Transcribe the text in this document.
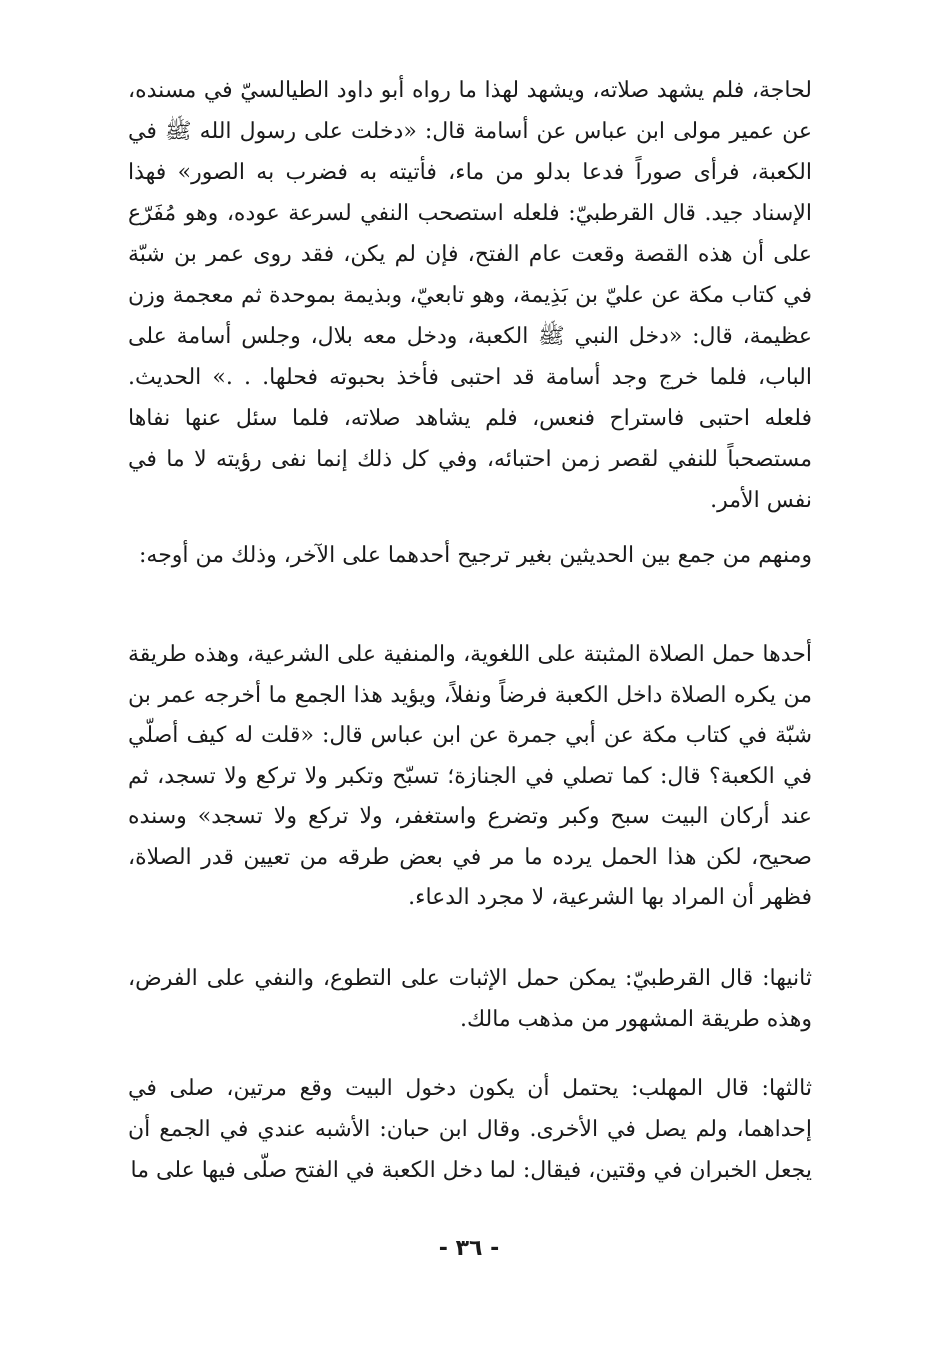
لحاجة، فلم يشهد صلاته، ويشهد لهذا ما رواه أبو داود الطيالسيّ في مسنده، عن عمير مولى ابن عباس عن أسامة قال: «دخلت على رسول الله ﷺ في الكعبة، فرأى صوراً فدعا بدلو من ماء، فأتيته به فضرب به الصور» فهذا الإسناد جيد. قال القرطبيّ: فلعله استصحب النفي لسرعة عوده، وهو مُفَرّع على أن هذه القصة وقعت عام الفتح، فإن لم يكن، فقد روى عمر بن شبّة في كتاب مكة عن عليّ بن بَذِيمة، وهو تابعيّ، وبذيمة بموحدة ثم معجمة وزن عظيمة، قال: «دخل النبي ﷺ الكعبة، ودخل معه بلال، وجلس أسامة على الباب، فلما خرج وجد أسامة قد احتبى فأخذ بحبوته فحلها. . .» الحديث. فلعله احتبى فاستراح فنعس، فلم يشاهد صلاته، فلما سئل عنها نفاها مستصحباً للنفي لقصر زمن احتبائه، وفي كل ذلك إنما نفى رؤيته لا ما في نفس الأمر.

ومنهم من جمع بين الحديثين بغير ترجيح أحدهما على الآخر، وذلك من أوجه:

أحدها حمل الصلاة المثبتة على اللغوية، والمنفية على الشرعية، وهذه طريقة من يكره الصلاة داخل الكعبة فرضاً ونفلاً، ويؤيد هذا الجمع ما أخرجه عمر بن شبّة في كتاب مكة عن أبي جمرة عن ابن عباس قال: «قلت له كيف أصلّي في الكعبة؟ قال: كما تصلي في الجنازة؛ تسبّح وتكبر ولا تركع ولا تسجد، ثم عند أركان البيت سبح وكبر وتضرع واستغفر، ولا تركع ولا تسجد» وسنده صحيح، لكن هذا الحمل يرده ما مر في بعض طرقه من تعيين قدر الصلاة، فظهر أن المراد بها الشرعية، لا مجرد الدعاء.

ثانيها: قال القرطبيّ: يمكن حمل الإثبات على التطوع، والنفي على الفرض، وهذه طريقة المشهور من مذهب مالك.

ثالثها: قال المهلب: يحتمل أن يكون دخول البيت وقع مرتين، صلى في إحداهما، ولم يصل في الأخرى. وقال ابن حبان: الأشبه عندي في الجمع أن يجعل الخبران في وقتين، فيقال: لما دخل الكعبة في الفتح صلّى فيها على ما

- ٣٦ -
